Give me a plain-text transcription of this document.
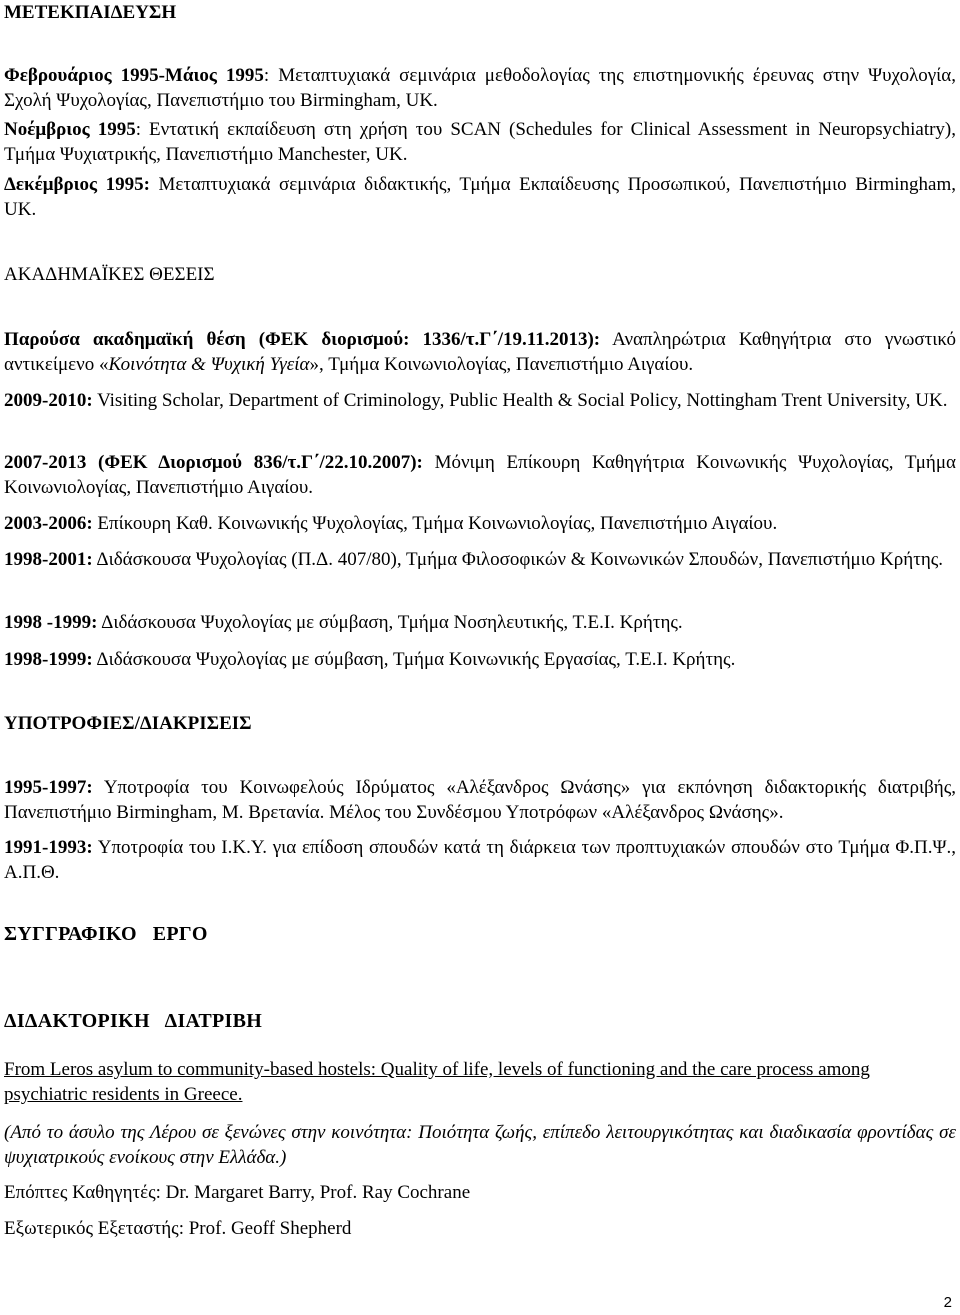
ΜΕΤΕΚΠΑΙΔΕΥΣΗ
Φεβρουάριος 1995-Μάιος 1995: Μεταπτυχιακά σεμινάρια μεθοδολογίας της επιστημονικής έρευνας στην Ψυχολογία, Σχολή Ψυχολογίας, Πανεπιστήμιο του Birmingham, UK.
Νοέμβριος 1995: Εντατική εκπαίδευση στη χρήση του SCAN (Schedules for Clinical Assessment in Neuropsychiatry), Τμήμα Ψυχιατρικής, Πανεπιστήμιο Manchester, UK.
Δεκέμβριος 1995: Μεταπτυχιακά σεμινάρια διδακτικής, Τμήμα Εκπαίδευσης Προσωπικού, Πανεπιστήμιο Birmingham, UK.
ΑΚΑΔΗΜΑΪΚΕΣ ΘΕΣΕΙΣ
Παρούσα ακαδημαϊκή θέση (ΦΕΚ διορισμού: 1336/τ.Γ΄/19.11.2013): Αναπληρώτρια Καθηγήτρια στο γνωστικό αντικείμενο «Κοινότητα & Ψυχική Υγεία», Τμήμα Κοινωνιολογίας, Πανεπιστήμιο Αιγαίου.
2009-2010: Visiting Scholar, Department of Criminology, Public Health & Social Policy, Nottingham Trent University, UK.
2007-2013 (ΦΕΚ Διορισμού 836/τ.Γ΄/22.10.2007): Μόνιμη Επίκουρη Καθηγήτρια Κοινωνικής Ψυχολογίας, Τμήμα Κοινωνιολογίας, Πανεπιστήμιο Αιγαίου.
2003-2006: Επίκουρη Καθ. Κοινωνικής Ψυχολογίας, Τμήμα Κοινωνιολογίας, Πανεπιστήμιο Αιγαίου.
1998-2001: Διδάσκουσα Ψυχολογίας (Π.Δ. 407/80), Τμήμα Φιλοσοφικών & Κοινωνικών Σπουδών, Πανεπιστήμιο Κρήτης.
1998 -1999: Διδάσκουσα Ψυχολογίας με σύμβαση, Τμήμα Νοσηλευτικής, Τ.Ε.Ι. Κρήτης.
1998-1999: Διδάσκουσα Ψυχολογίας με σύμβαση, Τμήμα Κοινωνικής Εργασίας, Τ.Ε.Ι. Κρήτης.
ΥΠΟΤΡΟΦΙΕΣ/ΔΙΑΚΡΙΣΕΙΣ
1995-1997: Υποτροφία του Κοινωφελούς Ιδρύματος «Αλέξανδρος Ωνάσης» για εκπόνηση διδακτορικής διατριβής, Πανεπιστήμιο Birmingham, Μ. Βρετανία. Μέλος του Συνδέσμου Υποτρόφων «Αλέξανδρος Ωνάσης».
1991-1993: Υποτροφία του Ι.Κ.Υ. για επίδοση σπουδών κατά τη διάρκεια των προπτυχιακών σπουδών στο Τμήμα Φ.Π.Ψ., Α.Π.Θ.
ΣΥΓΓΡΑΦΙΚΟ   ΕΡΓΟ
ΔΙΔΑΚΤΟΡΙΚΗ   ΔΙΑΤΡΙΒΗ
From Leros asylum to community-based hostels: Quality of life, levels of functioning and the care process among psychiatric residents in Greece.
(Από το άσυλο της Λέρου σε ξενώνες στην κοινότητα: Ποιότητα ζωής, επίπεδο λειτουργικότητας και διαδικασία φροντίδας σε ψυχιατρικούς ενοίκους στην Ελλάδα.)
Επόπτες Καθηγητές: Dr. Margaret Barry, Prof. Ray Cochrane
Εξωτερικός Εξεταστής: Prof. Geoff Shepherd
2
